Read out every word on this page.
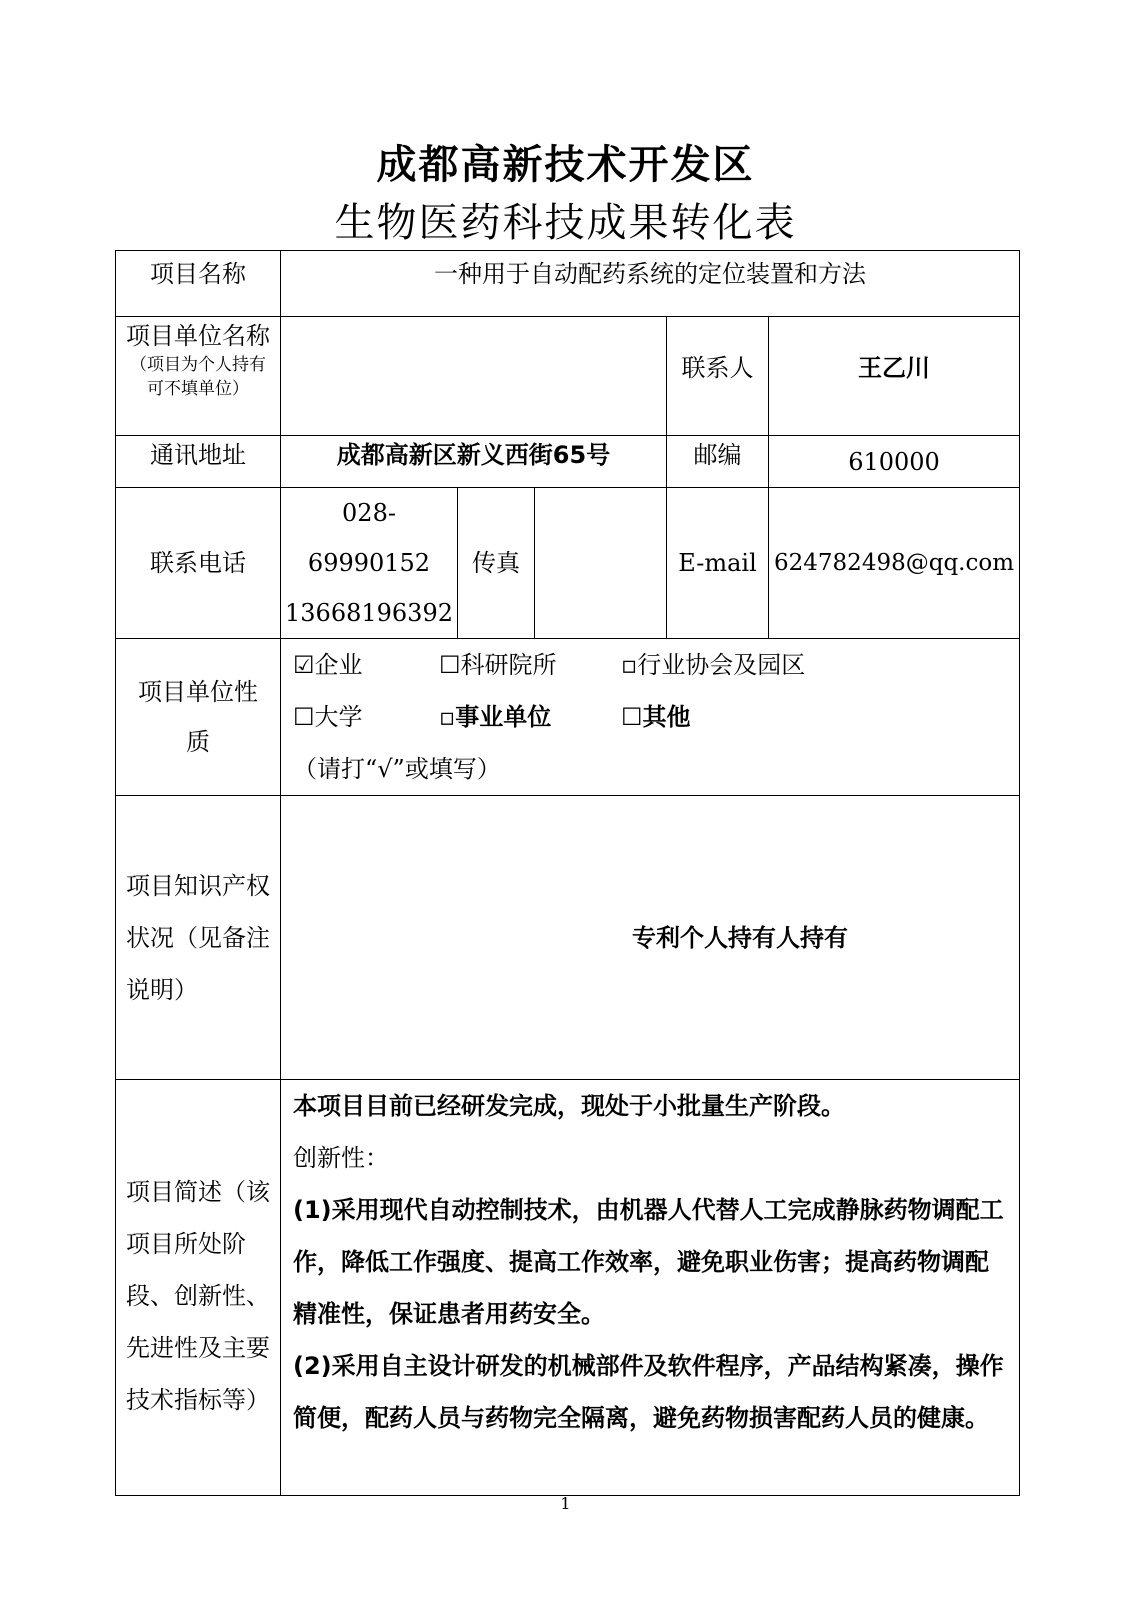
成都高新技术开发区
生物医药科技成果转化表
项目名称	一种用于自动配药系统的定位装置和方法				

项目单位名称
（项目为个人持有可不填单位）				联系人	王乙川
通讯地址	成都高新区新义西街65号			邮编	610000
联系电话	028-69990152
13668196392	传真		E-mail	624782498@qq.com
项目单位性质	☑企业 ☐科研院所 ▫行业协会及园区
☐大学 ▫事业单位 ☐其他
（请打“√”或填写）				

项目知识产权状况（见备注说明）	专利个人持有人持有				
项目简述（该项目所处阶段、创新性、先进性及主要技术指标等）	本项目目前已经研发完成，现处于小批量生产阶段。

创新性：

(1)采用现代自动控制技术，由机器人代替人工完成静脉药物调配工作，降低工作强度、提高工作效率，避免职业伤害；提高药物调配精准性，保证患者用药安全。

(2)采用自主设计研发的机械部件及软件程序，产品结构紧凑，操作简便，配药人员与药物完全隔离，避免药物损害配药人员的健康。				

1
